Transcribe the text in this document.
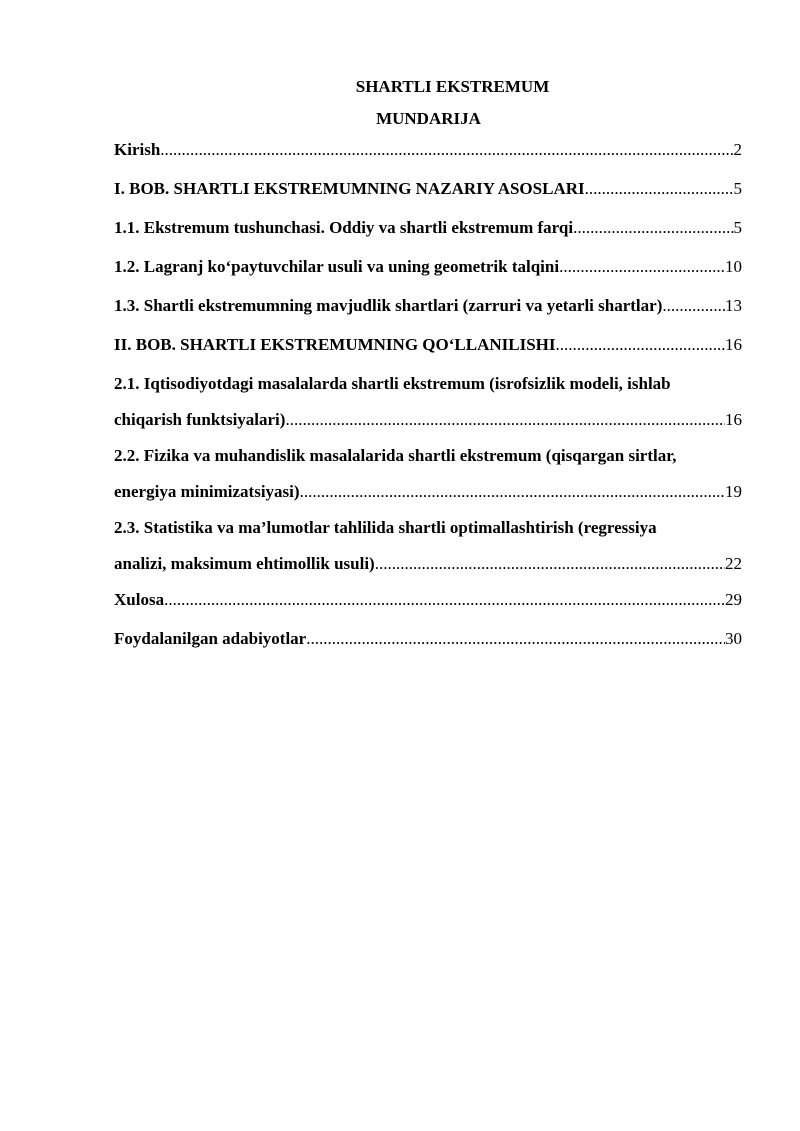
SHARTLI EKSTREMUM
MUNDARIJA
Kirish .....	2
I. BOB. SHARTLI EKSTREMUMNING NAZARIY ASOSLARI .....	5
1.1. Ekstremum tushunchasi. Oddiy va shartli ekstremum farqi .....	5
1.2. Lagranj ko‘paytuvchilar usuli va uning geometrik talqini .....	10
1.3. Shartli ekstremumning mavjudlik shartlari (zarruri va yetarli shartlar) .....	13
II. BOB. SHARTLI EKSTREMUMNING QO‘LLANILISHI .....	16
2.1. Iqtisodiyotdagi masalalarda shartli ekstremum (isrofsizlik modeli, ishlab
chiqarish funktsiyalari) .....	16
2.2. Fizika va muhandislik masalalarida shartli ekstremum (qisqargan sirtlar,
energiya minimizatsiyasi) .....	19
2.3. Statistika va ma’lumotlar tahlilida shartli optimallashtirish (regressiya
analizi, maksimum ehtimollik usuli) .....	22
Xulosa .....	29
Foydalanilgan adabiyotlar .....	30
